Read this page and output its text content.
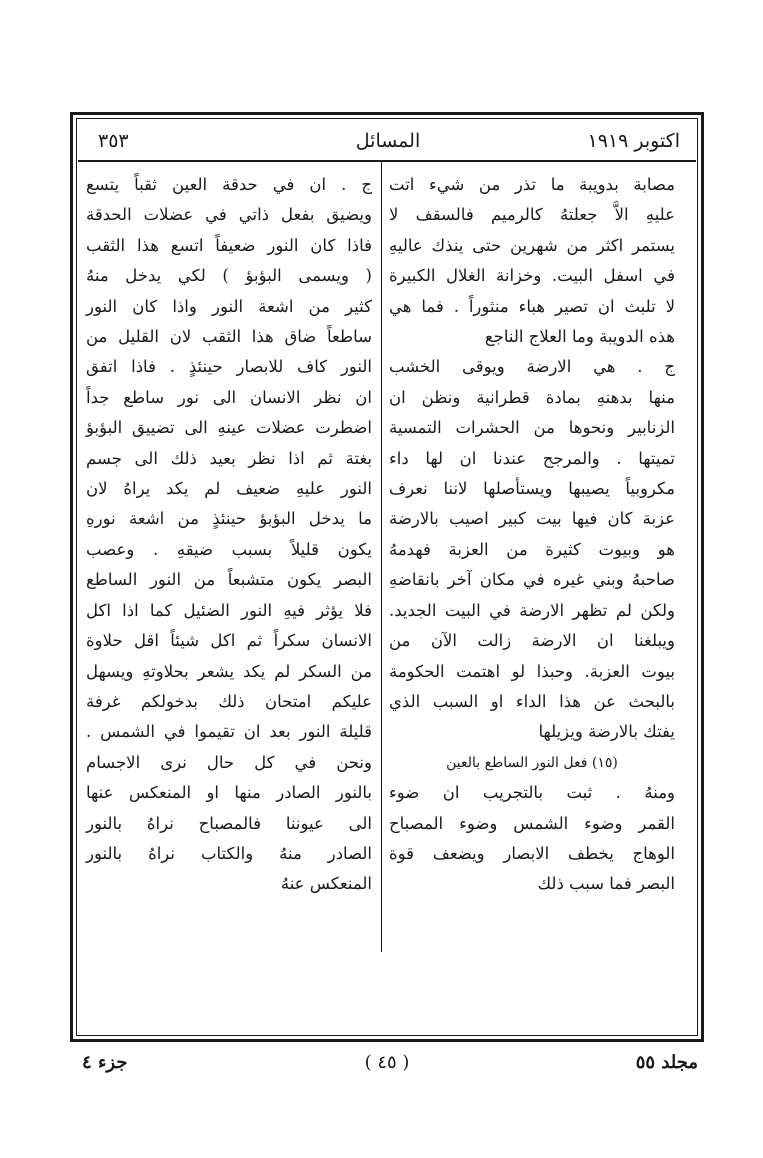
اكتوبر ١٩١٩
المسائل
٣٥٣
مصابة بدويبة ما تذر من شيء اتت
عليهِ الاَّ جعلتهُ كالرميم فالسقف لا
يستمر اكثر من شهرين حتى ينذك عاليهِ
في اسفل البيت. وخزانة الغلال الكبيرة
لا تلبث ان تصير هباء منثوراً . فما هي
هذه الدويبة وما العلاج الناجع
ج . هي الارضة ويوقى الخشب
منها بدهنهِ بمادة قطرانية ونظن ان
الزنابير ونحوها من الحشرات التمسية
تميتها . والمرجح عندنا ان لها داء
مكروبياً يصيبها ويستأصلها لاننا نعرف
عزبة كان فيها بيت كبير اصيب بالارضة
هو وبيوت كثيرة من العزبة فهدمهُ
صاحبهُ وبني غيره في مكان آخر بانقاضهِ
ولكن لم تظهر الارضة في البيت الجديد.
ويبلغنا ان الارضة زالت الآن من
بيوت العزبة. وحبذا لو اهتمت الحكومة
بالبحث عن هذا الداء او السبب الذي
يفتك بالارضة ويزيلها
(١٥) فعل النور الساطع بالعين
ومنهُ . ثبت بالتجريب ان ضوء
القمر وضوء الشمس وضوء المصباح
الوهاج يخطف الابصار ويضعف قوة
البصر فما سبب ذلك
ج . ان في حدقة العين ثقباً يتسع
ويضيق بفعل ذاتي في عضلات الحدقة
فاذا كان النور ضعيفاً اتسع هذا الثقب
( ويسمى البؤبؤ ) لكي يدخل منهُ
كثير من اشعة النور واذا كان النور
ساطعاً ضاق هذا الثقب لان القليل من
النور كاف للابصار حينئذٍ . فاذا اتفق
ان نظر الانسان الى نور ساطع جداً
اضطرت عضلات عينهِ الى تضييق البؤبؤ
بغتة ثم اذا نظر بعيد ذلك الى جسم
النور عليهِ ضعيف لم يكد يراهُ لان
ما يدخل البؤبؤ حينئذٍ من اشعة نورهِ
يكون قليلاً بسبب ضيقهِ . وعصب
البصر يكون متشبعاً من النور الساطع
فلا يؤثر فيهِ النور الضئيل كما اذا اكل
الانسان سكراً ثم اكل شيئاً اقل حلاوة
من السكر لم يكد يشعر بحلاوتهِ ويسهل
عليكم امتحان ذلك بدخولكم غرفة
قليلة النور بعد ان تقيموا في الشمس .
ونحن في كل حال نرى الاجسام
بالنور الصادر منها او المنعكس عنها
الى عيوننا فالمصباح نراهُ بالنور
الصادر منهُ والكتاب نراهُ بالنور
المنعكس عنهُ
مجلد ٥٥
( ٤٥ )
جزء ٤
